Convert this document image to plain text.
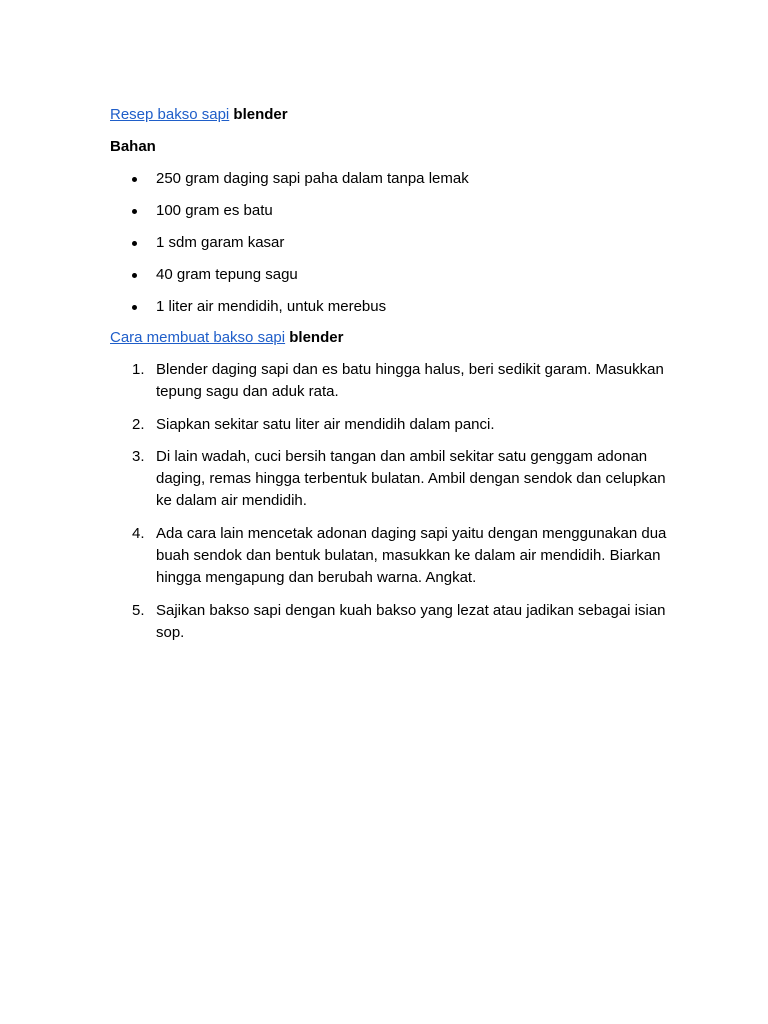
Resep bakso sapi blender
Bahan
250 gram daging sapi paha dalam tanpa lemak
100 gram es batu
1 sdm garam kasar
40 gram tepung sagu
1 liter air mendidih, untuk merebus
Cara membuat bakso sapi blender
1. Blender daging sapi dan es batu hingga halus, beri sedikit garam. Masukkan tepung sagu dan aduk rata.
2. Siapkan sekitar satu liter air mendidih dalam panci.
3. Di lain wadah, cuci bersih tangan dan ambil sekitar satu genggam adonan daging, remas hingga terbentuk bulatan. Ambil dengan sendok dan celupkan ke dalam air mendidih.
4. Ada cara lain mencetak adonan daging sapi yaitu dengan menggunakan dua buah sendok dan bentuk bulatan, masukkan ke dalam air mendidih. Biarkan hingga mengapung dan berubah warna. Angkat.
5. Sajikan bakso sapi dengan kuah bakso yang lezat atau jadikan sebagai isian sop.
